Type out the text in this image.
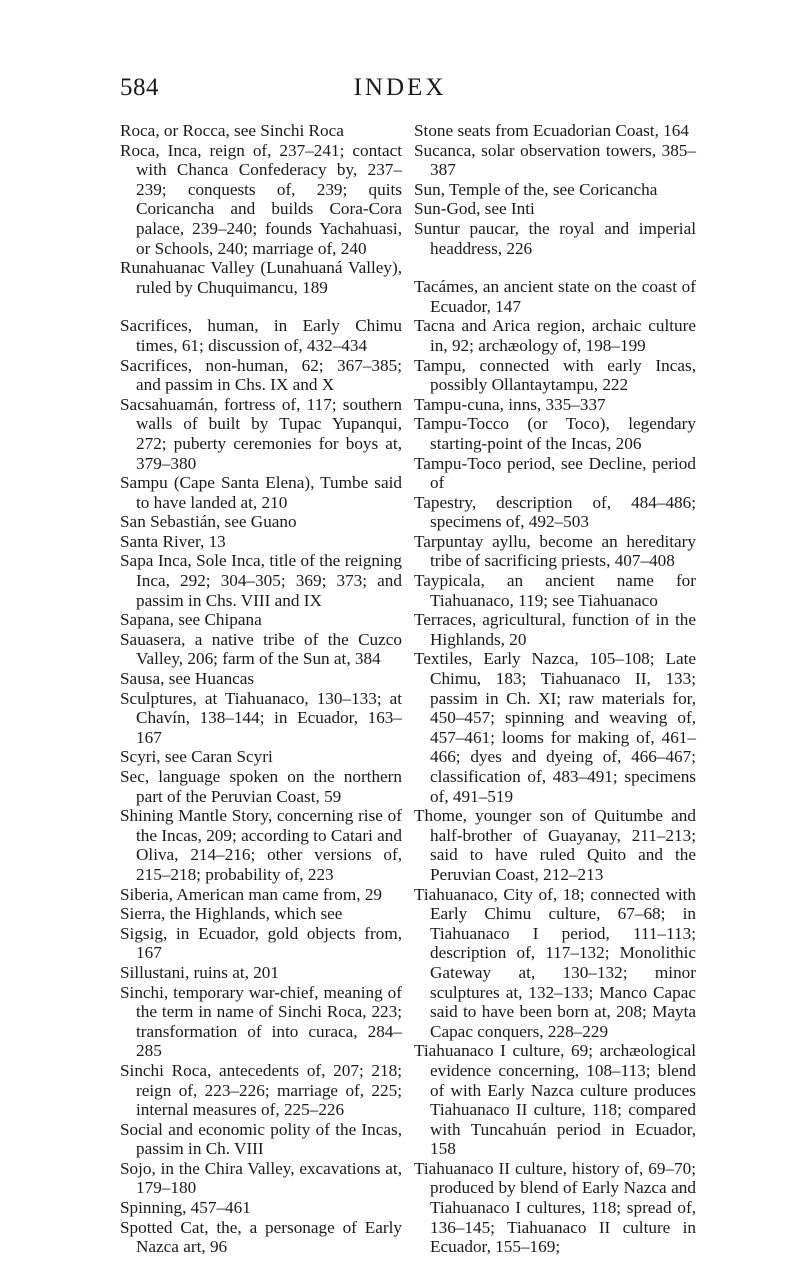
584	INDEX
Roca, or Rocca, see Sinchi Roca
Roca, Inca, reign of, 237–241; contact with Chanca Confederacy by, 237–239; conquests of, 239; quits Coricancha and builds Cora-Cora palace, 239–240; founds Yachahuasi, or Schools, 240; marriage of, 240
Runahuanac Valley (Lunahuaná Valley), ruled by Chuquimancu, 189
Sacrifices, human, in Early Chimu times, 61; discussion of, 432–434
Sacrifices, non-human, 62; 367–385; and passim in Chs. IX and X
Sacsahuamán, fortress of, 117; southern walls of built by Tupac Yupanqui, 272; puberty ceremonies for boys at, 379–380
Sampu (Cape Santa Elena), Tumbe said to have landed at, 210
San Sebastián, see Guano
Santa River, 13
Sapa Inca, Sole Inca, title of the reigning Inca, 292; 304–305; 369; 373; and passim in Chs. VIII and IX
Sapana, see Chipana
Sauasera, a native tribe of the Cuzco Valley, 206; farm of the Sun at, 384
Sausa, see Huancas
Sculptures, at Tiahuanaco, 130–133; at Chavín, 138–144; in Ecuador, 163–167
Scyri, see Caran Scyri
Sec, language spoken on the northern part of the Peruvian Coast, 59
Shining Mantle Story, concerning rise of the Incas, 209; according to Catari and Oliva, 214–216; other versions of, 215–218; probability of, 223
Siberia, American man came from, 29
Sierra, the Highlands, which see
Sigsig, in Ecuador, gold objects from, 167
Sillustani, ruins at, 201
Sinchi, temporary war-chief, meaning of the term in name of Sinchi Roca, 223; transformation of into curaca, 284–285
Sinchi Roca, antecedents of, 207; 218; reign of, 223–226; marriage of, 225; internal measures of, 225–226
Social and economic polity of the Incas, passim in Ch. VIII
Sojo, in the Chira Valley, excavations at, 179–180
Spinning, 457–461
Spotted Cat, the, a personage of Early Nazca art, 96
Stone seats from Ecuadorian Coast, 164
Sucanca, solar observation towers, 385–387
Sun, Temple of the, see Coricancha
Sun-God, see Inti
Suntur paucar, the royal and imperial headdress, 226
Tacámes, an ancient state on the coast of Ecuador, 147
Tacna and Arica region, archaic culture in, 92; archæology of, 198–199
Tampu, connected with early Incas, possibly Ollantaytampu, 222
Tampu-cuna, inns, 335–337
Tampu-Tocco (or Toco), legendary starting-point of the Incas, 206
Tampu-Toco period, see Decline, period of
Tapestry, description of, 484–486; specimens of, 492–503
Tarpuntay ayllu, become an hereditary tribe of sacrificing priests, 407–408
Taypicala, an ancient name for Tiahuanaco, 119; see Tiahuanaco
Terraces, agricultural, function of in the Highlands, 20
Textiles, Early Nazca, 105–108; Late Chimu, 183; Tiahuanaco II, 133; passim in Ch. XI; raw materials for, 450–457; spinning and weaving of, 457–461; looms for making of, 461–466; dyes and dyeing of, 466–467; classification of, 483–491; specimens of, 491–519
Thome, younger son of Quitumbe and half-brother of Guayanay, 211–213; said to have ruled Quito and the Peruvian Coast, 212–213
Tiahuanaco, City of, 18; connected with Early Chimu culture, 67–68; in Tiahuanaco I period, 111–113; description of, 117–132; Monolithic Gateway at, 130–132; minor sculptures at, 132–133; Manco Capac said to have been born at, 208; Mayta Capac conquers, 228–229
Tiahuanaco I culture, 69; archæological evidence concerning, 108–113; blend of with Early Nazca culture produces Tiahuanaco II culture, 118; compared with Tuncahuán period in Ecuador, 158
Tiahuanaco II culture, history of, 69–70; produced by blend of Early Nazca and Tiahuanaco I cultures, 118; spread of, 136–145; Tiahuanaco II culture in Ecuador, 155–169;
